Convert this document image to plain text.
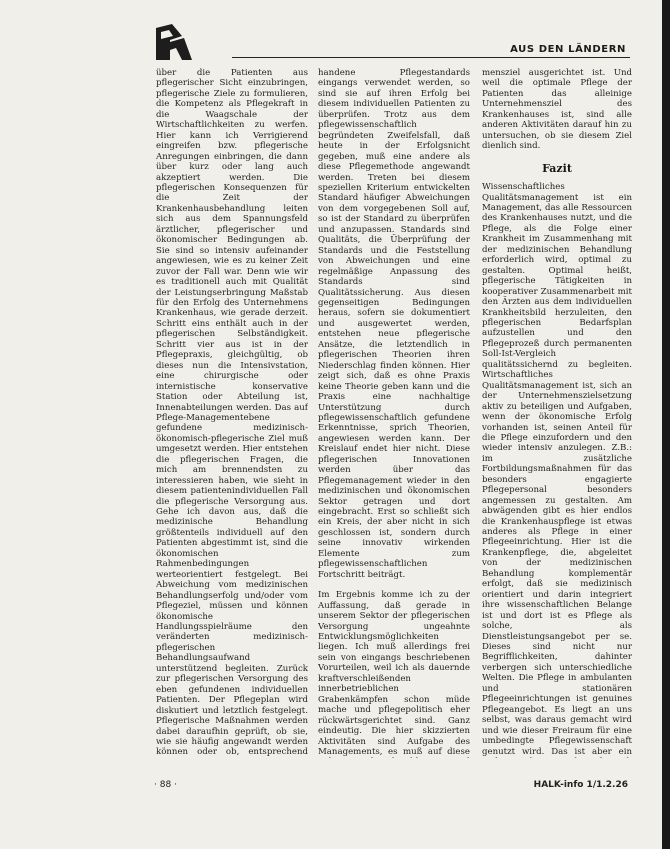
AUS DEN LÄNDERN

über die Patienten aus pflegerischer Sicht einzubringen, pflegerische Ziele zu formulieren, die Kompetenz als Pflegekraft in die Waagschale der Wirtschaftlichkeiten zu werfen. Hier kann ich Verrigierend eingreifen bzw. pflegerische Anregungen einbringen, die dann über kurz oder lang auch akzeptiert werden. Die pflegerischen Konsequenzen für die Zeit der Krankenhausbehandlung leiten sich aus dem Spannungsfeld ärztlicher, pflegerischer und ökonomischer Bedingungen ab. Sie sind so intensiv aufeinander angewiesen, wie es zu keiner Zeit zuvor der Fall war. Denn wie wir es traditionell auch mit Qualität der Leistungserbringung Maßstab für den Erfolg des Unternehmens Krankenhaus, wie gerade derzeit. Schritt eins enthält auch in der pflegerischen Selbständigkeit. Schritt vier aus ist in der Pflegepraxis, gleichgültig, ob dieses nun die Intensivstation, eine chirurgische oder internistische konservative Station oder Abteilung ist, Innenabteilungen werden. Das auf Pflege-Managementebene gefundene medizinisch-ökonomisch-pflegerische Ziel muß umgesetzt werden. Hier entstehen die pflegerischen Fragen, die mich am brennendsten zu interessieren haben, wie sieht in diesem patientenindividuellen Fall die pflegerische Versorgung aus. Gehe ich davon aus, daß die medizinische Behandlung größtenteils individuell auf den Patienten abgestimmt ist, sind die ökonomischen Rahmenbedingungen werteorientiert festgelegt. Bei Abweichung vom medizinischen Behandlungserfolg und/oder vom Pflegeziel, müssen und können ökonomische Handlungsspielräume den veränderten medizinisch-pflegerischen Behandlungsaufwand unterstützend begleiten. Zurück zur pflegerischen Versorgung des eben gefundenen individuellen Patienten. Der Pflegeplan wird diskutiert und letztlich festgelegt. Pflegerische Maßnahmen werden dabei daraufhin geprüft, ob sie, wie sie häufig angewandt werden können oder ob, entsprechend

handene Pflegestandards eingangs verwendet werden, so sind sie auf ihren Erfolg bei diesem individuellen Patienten zu überprüfen. Trotz aus dem pflegewissenschaftlich begründeten Zweifelsfall, daß heute in der Erfolgsnicht gegeben, muß eine andere als diese Pflegemethode angewandt werden. Treten bei diesem speziellen Kriterium entwickelten Standard häufiger Abweichungen von dem vorgegebenen Soll auf, so ist der Standard zu überprüfen und anzupassen. Standards sind Qualitäts, die Überprüfung der Standards und die Feststellung von Abweichungen und eine regelmäßige Anpassung des Standards sind Qualitätssicherung. Aus diesen gegenseitigen Bedingungen heraus, sofern sie dokumentiert und ausgewertet werden, entstehen neue pflegerische Ansätze, die letztendlich in pflegerischen Theorien ihren Niederschlag finden können. Hier zeigt sich, daß es ohne Praxis keine Theorie geben kann und die Praxis eine nachhaltige Unterstützung durch pflegewissenschaftlich gefundene Erkenntnisse, sprich Theorien, angewiesen werden kann. Der Kreislauf endet hier nicht. Diese pflegerischen Innovationen werden über das Pflegemanagement wieder in den medizinischen und ökonomischen Sektor getragen und dort eingebracht. Erst so schließt sich ein Kreis, der aber nicht in sich geschlossen ist, sondern durch seine innovativ wirkenden Elemente zum pflegewissenschaftlichen Fortschritt beiträgt.

Im Ergebnis komme ich zu der Auffassung, daß gerade in unserem Sektor der pflegerischen Versorgung ungeahnte Entwicklungsmöglichkeiten liegen. Ich muß allerdings frei sein von eingangs beschriebenen Vorurteilen, weil ich als dauernde kraftverschleißenden innerbetrieblichen Grabenkämpfen schon müde mache und pflegepolitisch eher rückwärtsgerichtet sind. Ganz eindeutig. Die hier skizzierten Aktivitäten sind Aufgabe des Managements, es muß auf diese

mensziel ausgerichtet ist. Und weil die optimale Pflege der Patienten das alleinige Unternehmensziel des Krankenhauses ist, sind alle anderen Aktivitäten darauf hin zu untersuchen, ob sie diesem Ziel dienlich sind.

Fazit

Wissenschaftliches Qualitätsmanagement ist ein Management, das alle Ressourcen des Krankenhauses nutzt, und die Pflege, als die Folge einer Krankheit im Zusammenhang mit der medizinischen Behandlung erforderlich wird, optimal zu gestalten. Optimal heißt, pflegerische Tätigkeiten in kooperativer Zusammenarbeit mit den Ärzten aus dem individuellen Krankheitsbild herzuleiten, den pflegerischen Bedarfsplan aufzustellen und den Pflegeprozeß durch permanenten Soll-Ist-Vergleich qualitätssichernd zu begleiten. Wirtschaftliches Qualitätsmanagement ist, sich an der Unternehmenszielsetzung aktiv zu beteiligen und Aufgaben, wenn der ökonomische Erfolg vorhanden ist, seinen Anteil für die Pflege einzufordern und den wieder intensiv anzulegen. Z.B.: im zusätzliche Fortbildungsmaßnahmen für das besonders engagierte Pflegepersonal besonders angemessen zu gestalten. Am abwägenden gibt es hier endlos die Krankenhauspflege ist etwas anderes als Pflege in einer Pflegeeinrichtung. Hier ist die Krankenpflege, die, abgeleitet von der medizinischen Behandlung komplementär erfolgt, daß sie medizinisch orientiert und darin integriert ihre wissenschaftlichen Belange ist und dort ist es Pflege als solche, als Dienstleistungsangebot per se. Dieses sind nicht nur Begrifflichkeiten, dahinter verbergen sich unterschiedliche Welten. Die Pflege in ambulanten und stationären Pflegeeinrichtungen ist genuines Pflegeangebot. Es liegt an uns selbst, was daraus gemacht wird und wie dieser Freiraum für eine umbedingte Pflegewissenschaft genutzt wird. Das ist aber ein

· 88 ·	HALK-info 1/1.2.26
